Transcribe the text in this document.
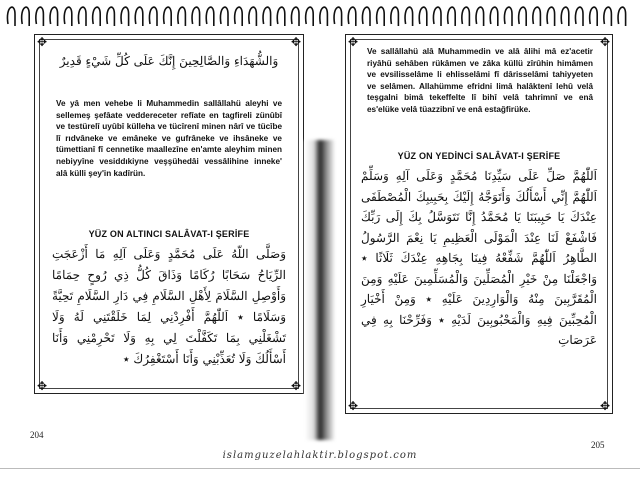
✥	✥
✥	✥
وَالشُّهَدَاءِ وَالصَّالِحِينَ إِنَّكَ عَلَى كُلِّ شَيْءٍ قَدِيرٌ
Ve yâ men vehebe li Muhammedin sallâllahü aleyhi ve sellemeş şefâate veddereceter refîate en tagfireli zünûbî ve testürelî uyûbî külleha ve tücîrenî minen nârî ve tücîbe lî rıdvâneke ve emâneke ve gufrâneke ve ihsâneke ve tümettianî fî cennetike maallezîne en'amte aleyhim minen nebiyyîne vesiddıkiyne veşşühedâi vessâlihine inneke' alâ külli şey'in kadîrün.
YÜZ ON ALTINCI SALÂVAT-I ŞERİFE
وَصَلَّى اللّهُ عَلَى مُحَمَّدٍ وَعَلَى آلِهِ مَا أَزْعَجَتِ الرِّيَاحُ سَحَابًا رُكَامًا وَذَاقَ كُلُّ ذِي رُوحٍ حِمَامًا وَأَوْصِلِ السَّلَامَ لِأَهْلِ السَّلَامِ فِي دَارِ السَّلَامِ تَحِيَّةً وَسَلَامًا ٭ اَللّٰهُمَّ أَفْرِدْنِي لِمَا خَلَقْتَنِي لَهُ وَلَا تَشْغَلْنِي بِمَا تَكَفَّلْتَ لِي بِهِ وَلَا تَحْرِمْنِي وَأَنَا أَسْأَلُكَ وَلَا تُعَذِّبْنِي وَأَنَا أَسْتَغْفِرُكَ ٭
204
✥	✥
✥	✥
Ve sallâllahü alâ Muhammedin ve alâ âlihi mâ ez'acetir riyâhü sehâben rükâmen ve zâka küllü zîrûhin himâmen ve evsilisselâme li ehlisselâmi fî dârisselâmi tahiyyeten ve selâmen. Allahümme efridni limâ halâktenî lehû velâ teşgalni bimâ tekeffelte lî bihî velâ tahrimnî ve enâ es'elüke velâ tüazzibnî ve enâ estağfirüke.
YÜZ ON YEDİNCİ SALÂVAT-I ŞERİFE
اَللّٰهُمَّ صَلِّ عَلَى سَيِّدِنَا مُحَمَّدٍ وَعَلَى آلِهِ وَسَلِّمْ اَللّٰهُمَّ إِنِّي أَسْأَلُكَ وَأَتَوَجَّهُ إِلَيْكَ بِحَبِيبِكَ الْمُصْطَفَى عِنْدَكَ يَا حَبِيبَنَا يَا مُحَمَّدُ إِنَّا نَتَوَسَّلُ بِكَ إِلَى رَبِّكَ فَاشْفَعْ لَنَا عِنْدَ الْمَوْلَى الْعَظِيمِ يَا نِعْمَ الرَّسُولُ الطَّاهِرُ اَللّٰهُمَّ شَفِّعْهُ فِينَا بِجَاهِهِ عِنْدَكَ ثَلَاثًا ٭ وَاجْعَلْنَا مِنْ خَيْرِ الْمُصَلِّينَ وَالْمُسَلِّمِينَ عَلَيْهِ وَمِنَ الْمُقَرَّبِينَ مِنْهُ وَالْوَارِدِينَ عَلَيْهِ ٭ وَمِنْ أَخْيَارِ الْمُحِبِّينَ فِيهِ وَالْمَحْبُوبِينَ لَدَيْهِ ٭ وَفَرِّحْنَا بِهِ فِي عَرَصَاتِ
205
islamguzelahlaktir.blogspot.com
